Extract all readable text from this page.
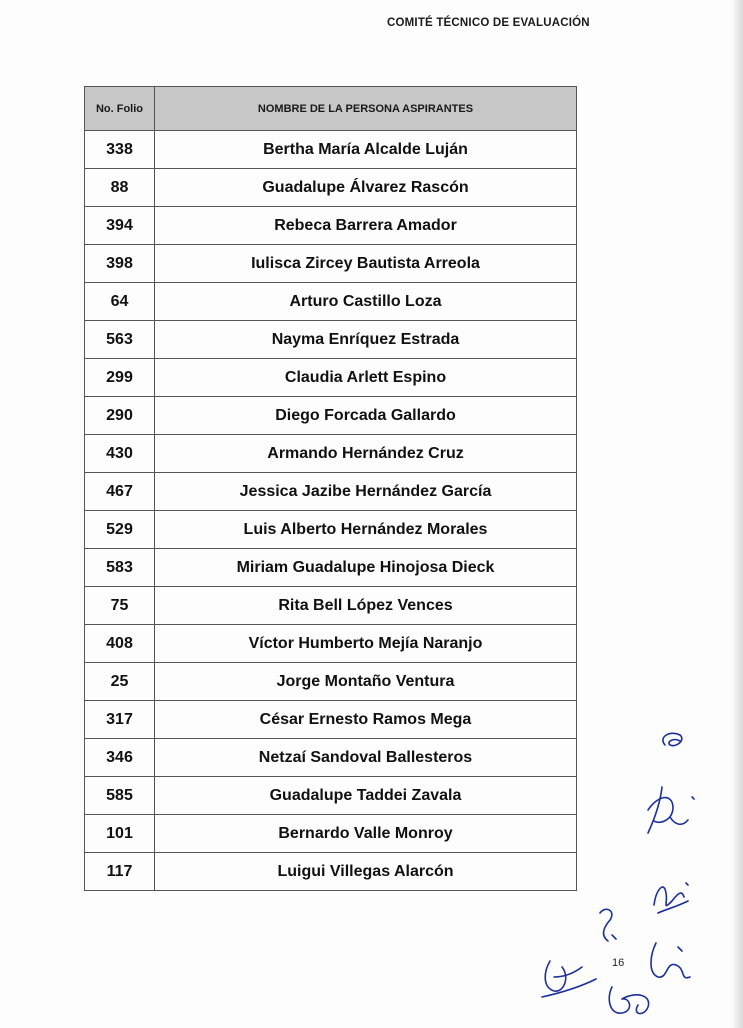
COMITÉ TÉCNICO DE EVALUACIÓN
No. Folio	NOMBRE DE LA PERSONA ASPIRANTES
338	Bertha María Alcalde Luján
88	Guadalupe Álvarez Rascón
394	Rebeca Barrera Amador
398	Iulisca Zircey Bautista Arreola
64	Arturo Castillo Loza
563	Nayma Enríquez Estrada
299	Claudia Arlett Espino
290	Diego Forcada Gallardo
430	Armando Hernández Cruz
467	Jessica Jazibe Hernández García
529	Luis Alberto Hernández Morales
583	Miriam Guadalupe Hinojosa Dieck
75	Rita Bell López Vences
408	Víctor Humberto Mejía Naranjo
25	Jorge Montaño Ventura
317	César Ernesto Ramos Mega
346	Netzaí Sandoval Ballesteros
585	Guadalupe Taddei Zavala
101	Bernardo Valle Monroy
117	Luigui Villegas Alarcón
16
